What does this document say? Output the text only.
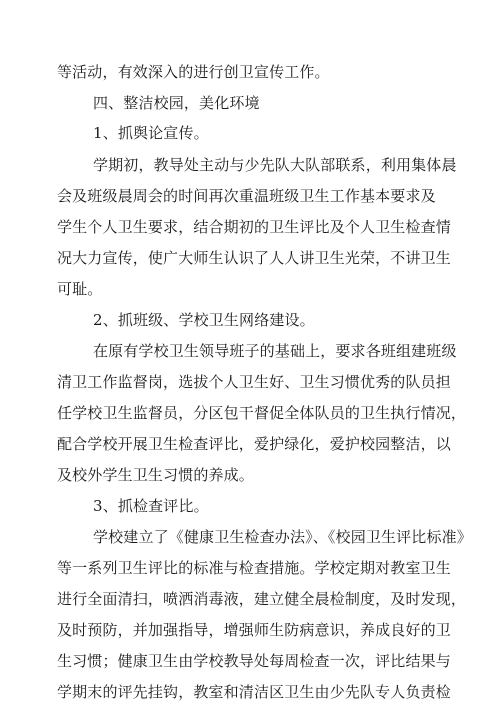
等活动，有效深入的进行创卫宣传工作。
四、整洁校园，美化环境
1、抓舆论宣传。
学期初，教导处主动与少先队大队部联系，利用集体晨
会及班级晨周会的时间再次重温班级卫生工作基本要求及
学生个人卫生要求，结合期初的卫生评比及个人卫生检查情
况大力宣传，使广大师生认识了人人讲卫生光荣，不讲卫生
可耻。
2、抓班级、学校卫生网络建设。
在原有学校卫生领导班子的基础上，要求各班组建班级
清卫工作监督岗，选拔个人卫生好、卫生习惯优秀的队员担
任学校卫生监督员，分区包干督促全体队员的卫生执行情况，
配合学校开展卫生检查评比，爱护绿化，爱护校园整洁，以
及校外学生卫生习惯的养成。
3、抓检查评比。
学校建立了《健康卫生检查办法》、《校园卫生评比标准》
等一系列卫生评比的标准与检查措施。学校定期对教室卫生
进行全面清扫，喷洒消毒液，建立健全晨检制度，及时发现，
及时预防，并加强指导，增强师生防病意识，养成良好的卫
生习惯；健康卫生由学校教导处每周检查一次，评比结果与
学期末的评先挂钩，教室和清洁区卫生由少先队专人负责检
